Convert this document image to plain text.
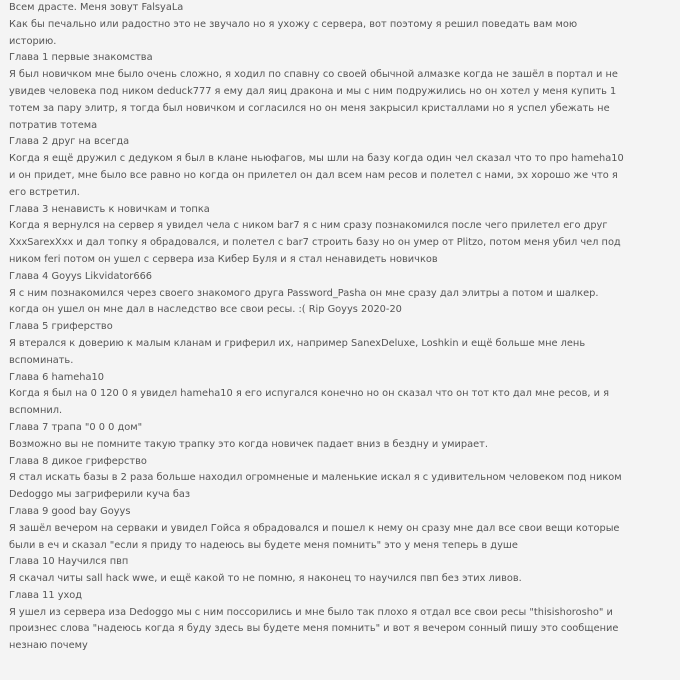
Всем драсте. Меня зовут FalsyaLa
Как бы печально или радостно это не звучало но я ухожу с сервера, вот поэтому я решил поведать вам мою
историю.
Глава 1 первые знакомства
Я был новичком мне было очень сложно, я ходил по спавну со своей обычной алмазке когда не зашёл в портал и не
увидев человека под ником deduck777 я ему дал яиц дракона и мы с ним подружились но он хотел у меня купить 1
тотем за пару элитр, я тогда был новичком и согласился но он меня закрысил кристаллами но я успел убежать не
потратив тотема
Глава 2 друг на всегда
Когда я ещё дружил с дедуком я был в клане ньюфагов, мы шли на базу когда один чел сказал что то про hameha10
и он придет, мне было все равно но когда он прилетел он дал всем нам ресов и полетел с нами, эх хорошо же что я
его встретил.
Глава 3 ненависть к новичкам и топка
Когда я вернулся на сервер я увидел чела с ником bar7 я с ним сразу познакомился после чего прилетел его друг
XxxSarexXxx и дал топку я обрадовался, и полетел с bar7 строить базу но он умер от Plitzo, потом меня убил чел под
ником feri потом он ушел с сервера иза Кибер Буля и я стал ненавидеть новичков
Глава 4 Goyys Likvidator666
Я с ним познакомился через своего знакомого друга Password_Pasha он мне сразу дал элитры а потом и шалкер.
когда он ушел он мне дал в наследство все свои ресы. :( Rip Goyys 2020-20
Глава 5 гриферство
Я втерался к доверию к малым кланам и гриферил их, например SanexDeluxe, Loshkin и ещё больше мне лень
вспоминать.
Глава 6 hameha10
Когда я был на 0 120 0 я увидел hameha10 я его испугался конечно но он сказал что он тот кто дал мне ресов, и я
вспомнил.
Глава 7 трапа "0 0 0 дом"
Возможно вы не помните такую трапку это когда новичек падает вниз в бездну и умирает.
Глава 8 дикое гриферство
Я стал искать базы в 2 раза больше находил огромненые и маленькие искал я с удивительном человеком под ником
Dedoggo мы загриферили куча баз
Глава 9 good bay Goyys
Я зашёл вечером на серваки и увидел Гойса я обрадовался и пошел к нему он сразу мне дал все свои вещи которые
были в еч и сказал "если я приду то надеюсь вы будете меня помнить" это у меня теперь в душе
Глава 10 Научился пвп
Я скачал читы sall hack wwe, и ещё какой то не помню, я наконец то научился пвп без этих ливов.
Глава 11 уход
Я ушел из сервера иза Dedoggo мы с ним поссорились и мне было так плохо я отдал все свои ресы "thisishorosho" и
произнес слова "надеюсь когда я буду здесь вы будете меня помнить" и вот я вечером сонный пишу это сообщение
незнаю почему
